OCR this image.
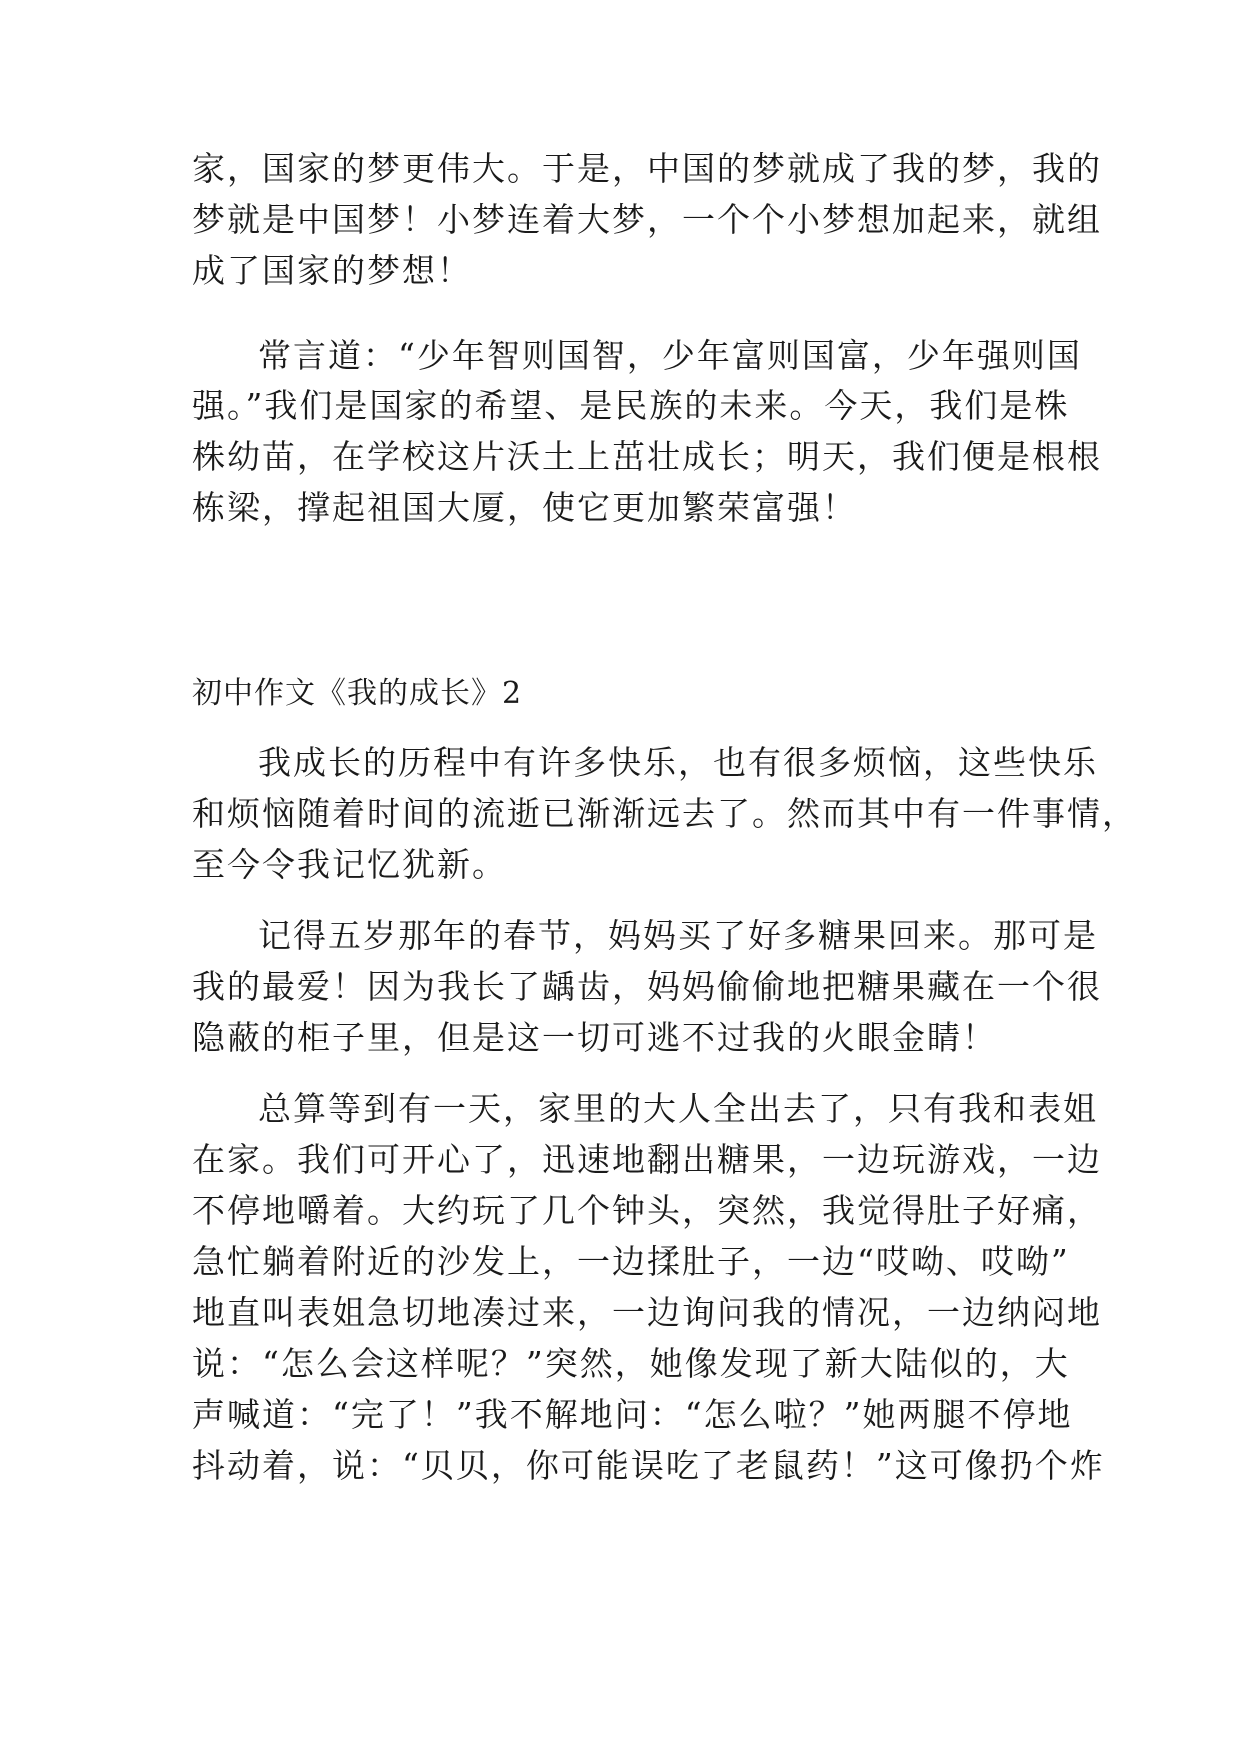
家，国家的梦更伟大。于是，中国的梦就成了我的梦，我的
梦就是中国梦！小梦连着大梦，一个个小梦想加起来，就组
成了国家的梦想！
常言道：“少年智则国智，少年富则国富，少年强则国
强。”我们是国家的希望、是民族的未来。今天，我们是株
株幼苗，在学校这片沃土上茁壮成长；明天，我们便是根根
栋梁，撑起祖国大厦，使它更加繁荣富强！
初中作文《我的成长》2
我成长的历程中有许多快乐，也有很多烦恼，这些快乐
和烦恼随着时间的流逝已渐渐远去了。然而其中有一件事情，
至今令我记忆犹新。
记得五岁那年的春节，妈妈买了好多糖果回来。那可是
我的最爱！因为我长了龋齿，妈妈偷偷地把糖果藏在一个很
隐蔽的柜子里，但是这一切可逃不过我的火眼金睛！
总算等到有一天，家里的大人全出去了，只有我和表姐
在家。我们可开心了，迅速地翻出糖果，一边玩游戏，一边
不停地嚼着。大约玩了几个钟头，突然，我觉得肚子好痛，
急忙躺着附近的沙发上，一边揉肚子，一边“哎呦、哎呦”
地直叫表姐急切地凑过来，一边询问我的情况，一边纳闷地
说：“怎么会这样呢？”突然，她像发现了新大陆似的，大
声喊道：“完了！”我不解地问：“怎么啦？”她两腿不停地
抖动着，说：“贝贝，你可能误吃了老鼠药！”这可像扔个炸
